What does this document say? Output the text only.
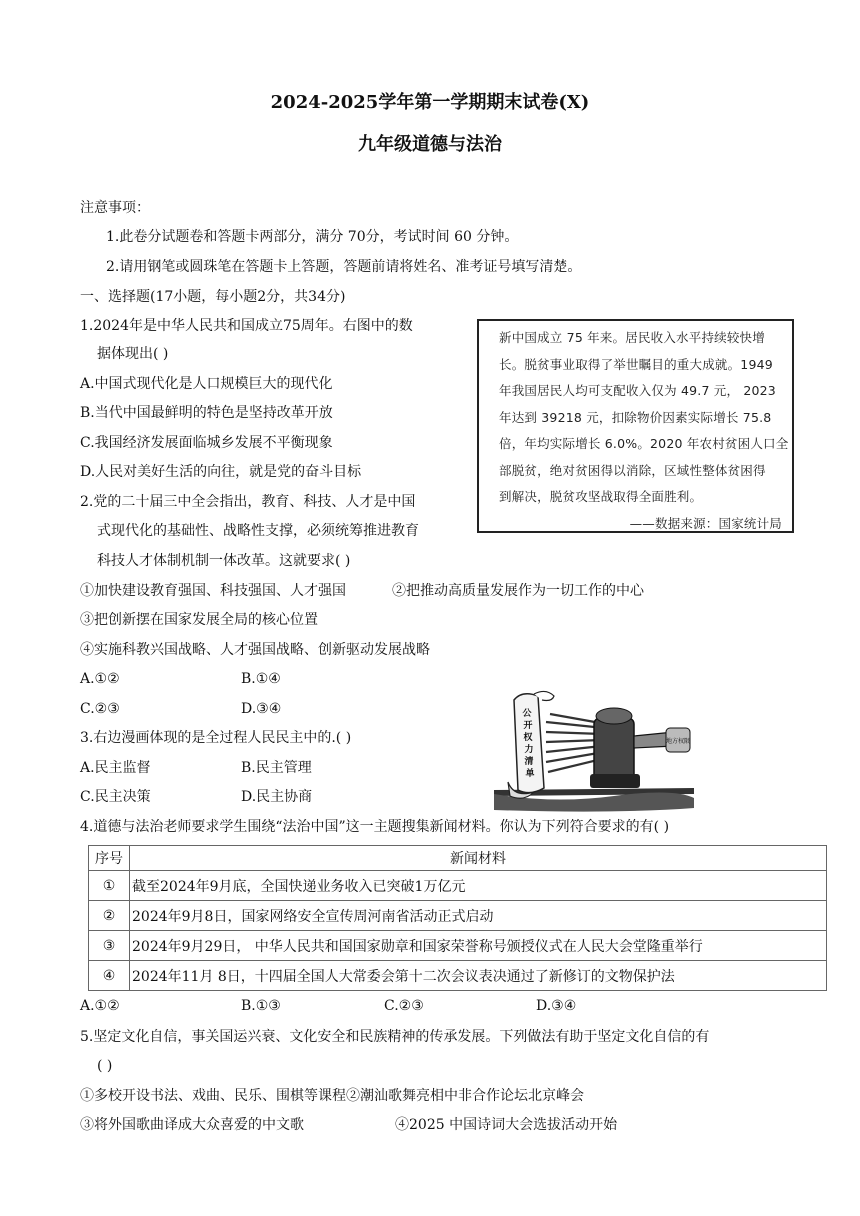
2024-2025学年第一学期期末试卷(X)
九年级道德与法治
注意事项：
1.此卷分试题卷和答题卡两部分，满分 70分，考试时间 60 分钟。
2.请用钢笔或圆珠笔在答题卡上答题，答题前请将姓名、准考证号填写清楚。
一、选择题(17小题，每小题2分，共34分)
1.2024年是中华人民共和国成立75周年。右图中的数
据体现出( )
A.中国式现代化是人口规模巨大的现代化
B.当代中国最鲜明的特色是坚持改革开放
C.我国经济发展面临城乡发展不平衡现象
D.人民对美好生活的向往，就是党的奋斗目标
新中国成立 75 年来。居民收入水平持续较快增
长。脱贫事业取得了举世瞩目的重大成就。1949
年我国居民人均可支配收入仅为 49.7 元， 2023
年达到 39218 元，扣除物价因素实际增长 75.8
倍，年均实际增长 6.0%。2020 年农村贫困人口全
部脱贫，绝对贫困得以消除，区域性整体贫困得
到解决，脱贫攻坚战取得全面胜利。
——数据来源：国家统计局
2.党的二十届三中全会指出，教育、科技、人才是中国
式现代化的基础性、战略性支撑，必须统筹推进教育
科技人才体制机制一体改革。这就要求( )
①加快建设教育强国、科技强国、人才强国	②把推动高质量发展作为一切工作的中心
③把创新摆在国家发展全局的核心位置
④实施科教兴国战略、人才强国战略、创新驱动发展战略
A.①②	B.①④
C.②③	D.③④
3.右边漫画体现的是全过程人民民主中的.( )
A.民主监督	B.民主管理
C.民主决策	D.民主协商
地方权限
公
开
权
力
清
单
4.道德与法治老师要求学生围绕“法治中国”这一主题搜集新闻材料。你认为下列符合要求的有( )
序号	新闻材料
①	截至2024年9月底，全国快递业务收入已突破1万亿元
②	2024年9月8日，国家网络安全宣传周河南省活动正式启动
③	2024年9月29日， 中华人民共和国国家勋章和国家荣誉称号颁授仪式在人民大会堂隆重举行
④	2024年11月 8日，十四届全国人大常委会第十二次会议表决通过了新修订的文物保护法
A.①②	B.①③	C.②③	D.③④
5.坚定文化自信，事关国运兴衰、文化安全和民族精神的传承发展。下列做法有助于坚定文化自信的有
( )
①多校开设书法、戏曲、民乐、围棋等课程②潮汕歌舞亮相中非合作论坛北京峰会
③将外国歌曲译成大众喜爱的中文歌	④2025 中国诗词大会选拔活动开始
